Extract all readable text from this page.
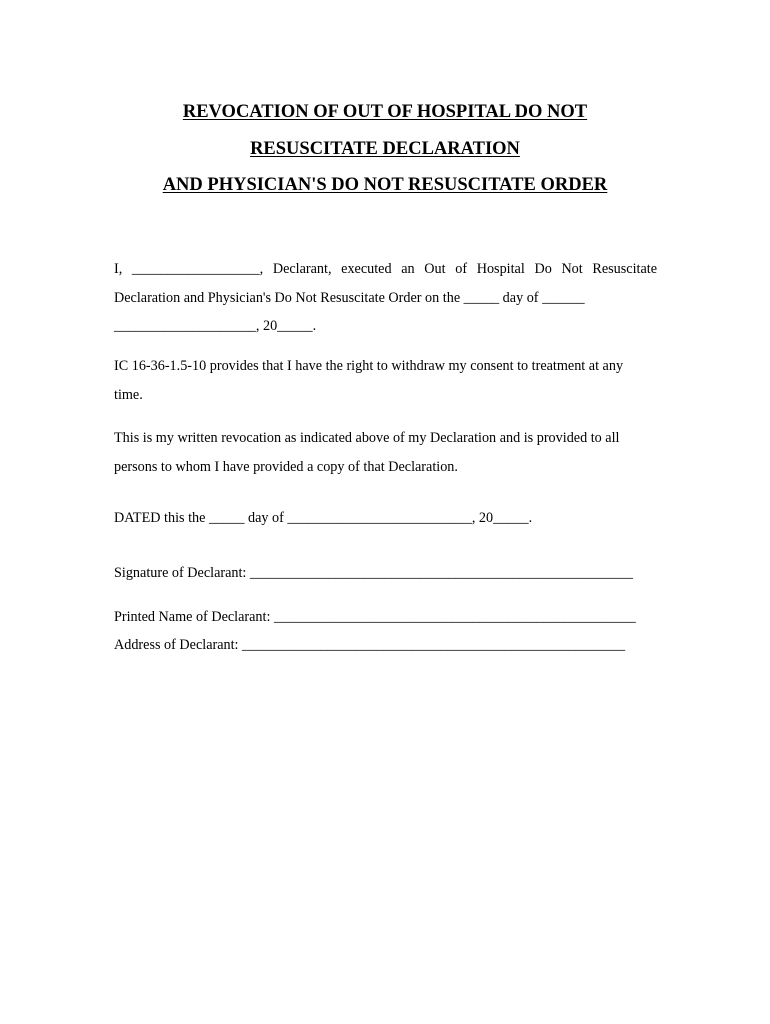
REVOCATION OF OUT OF HOSPITAL DO NOT
RESUSCITATE DECLARATION
AND PHYSICIAN'S DO NOT RESUSCITATE ORDER
I, __________________, Declarant, executed an Out of Hospital Do Not Resuscitate
Declaration and Physician's Do Not Resuscitate Order on the _____ day of ______
____________________, 20_____.
IC 16-36-1.5-10 provides that I have the right to withdraw my consent to treatment at any
time.
This is my written revocation as indicated above of my Declaration and is provided to all
persons to whom I have provided a copy of that Declaration.
DATED this the _____ day of __________________________, 20_____.
Signature of Declarant: ______________________________________________________
Printed Name of Declarant: ___________________________________________________
Address of Declarant: ______________________________________________________
